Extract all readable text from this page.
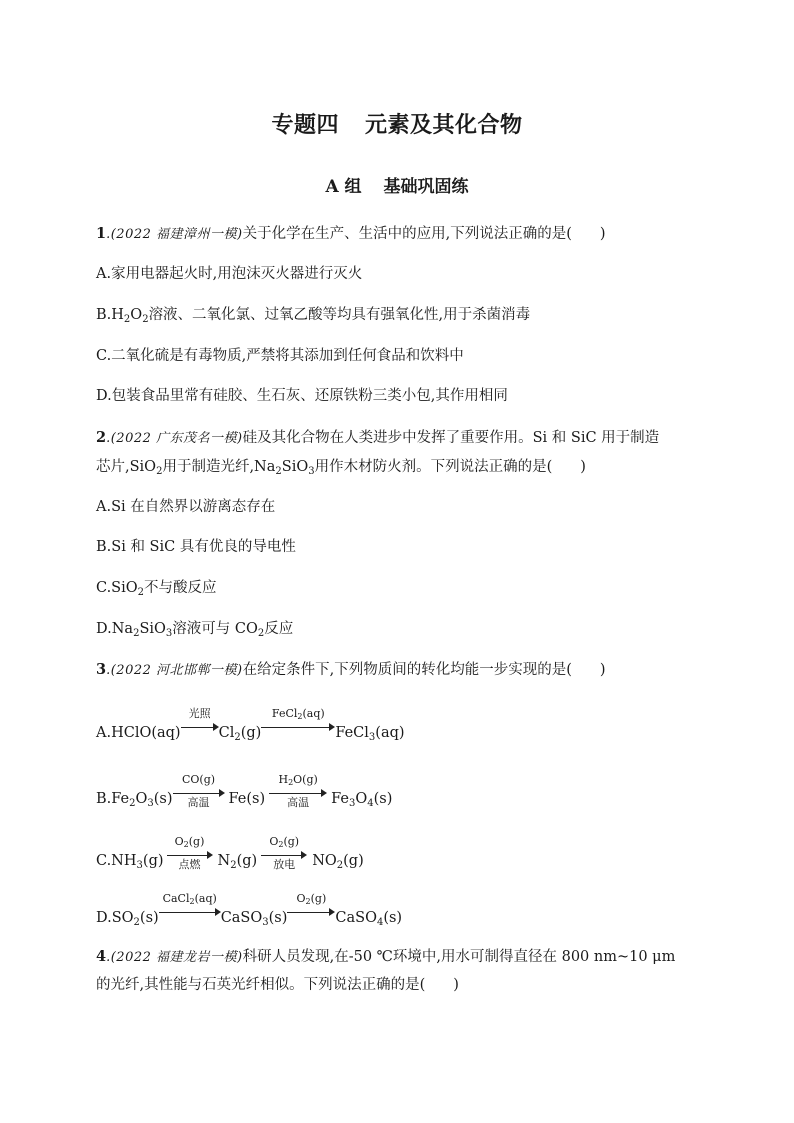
专题四 元素及其化合物
A 组 基础巩固练
1.(2022 福建漳州一模)关于化学在生产、生活中的应用,下列说法正确的是( )
A.家用电器起火时,用泡沫灭火器进行灭火
$B.H_2O_2$溶液、二氧化氯、过氧乙酸等均具有强氧化性,用于杀菌消毒
C.二氧化硫是有毒物质,严禁将其添加到任何食品和饮料中
D.包装食品里常有硅胶、生石灰、还原铁粉三类小包,其作用相同
2.(2022 广东茂名一模)硅及其化合物在人类进步中发挥了重要作用。Si 和 SiC 用于制造
芯片,SiO$_2$用于制造光纤$,Na_2SiO_3$用作木材防火剂。下列说法正确的是( )
A.Si 在自然界以游离态存在
B.Si 和 SiC 具有优良的导电性
C.SiO$_2$不与酸反应
$D.Na_2SiO_3$溶液可与 $CO_2$反应
3.(2022 河北邯郸一模)在给定条件下,下列物质间的转化均能一步实现的是( )
A.HClO(aq)
光照
$Cl_2(g)$
FeCl$_2$(aq)
FeCl$_3$(aq)
$B.Fe_2O_3(s)$
CO(g)
高温	Fe(s)
$H_2O(g)$
高温	$Fe_3O_4(s)$
$C.NH_3(g)$
$O_2(g)$
点燃	$N_2(g)$
$O_2(g)$
放电	$NO_2(g)$
$D.SO_2(s)$
CaCl$_2$(aq)
CaSO$_3$(s)
$O_2(g)$
CaSO$_4$(s)
4.(2022 福建龙岩一模)科研人员发现,在-50 ℃环境中,用水可制得直径在 800 nm~10 μm
的光纤,其性能与石英光纤相似。下列说法正确的是( )
